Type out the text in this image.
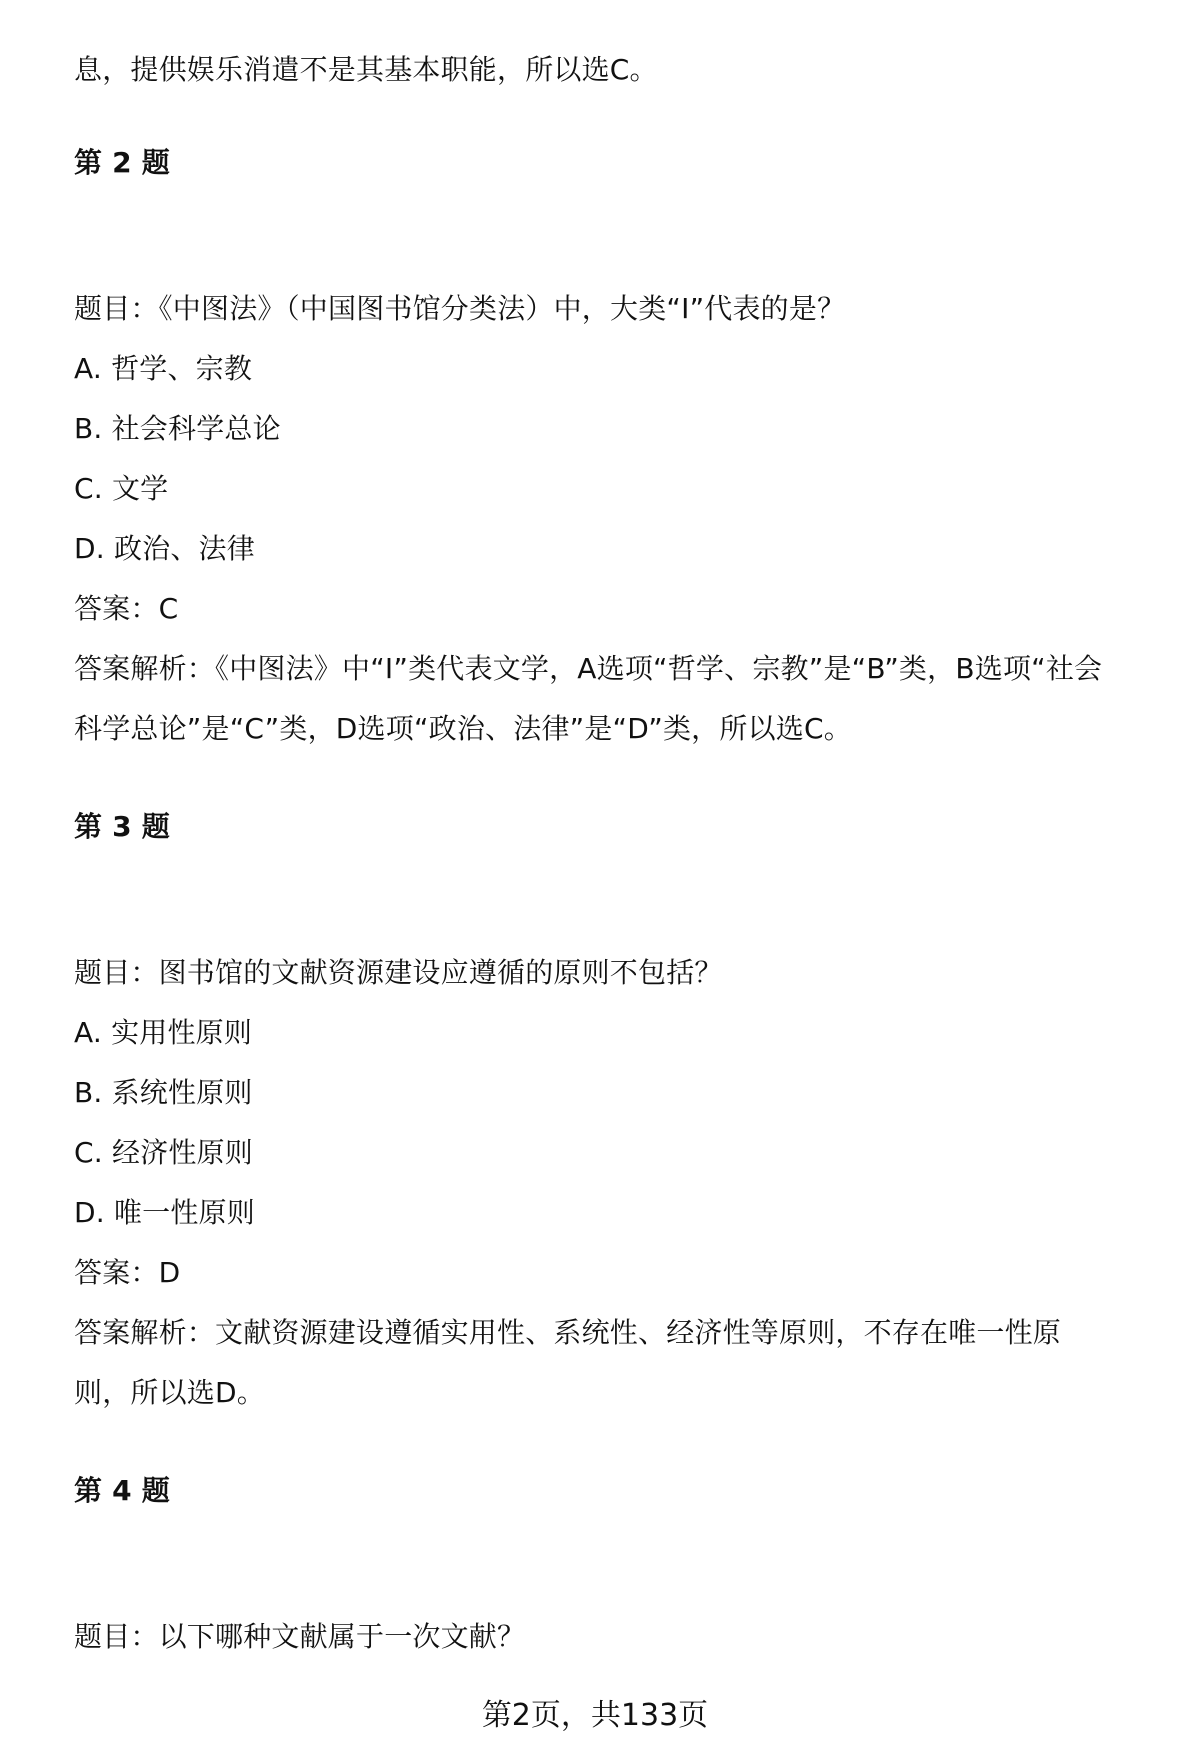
息，提供娱乐消遣不是其基本职能，所以选C。
第 2 题
题目：《中图法》（中国图书馆分类法）中，大类“I”代表的是？
A. 哲学、宗教
B. 社会科学总论
C. 文学
D. 政治、法律
答案：C
答案解析：《中图法》中“I”类代表文学，A选项“哲学、宗教”是“B”类，B选项“社会
科学总论”是“C”类，D选项“政治、法律”是“D”类，所以选C。
第 3 题
题目：图书馆的文献资源建设应遵循的原则不包括？
A. 实用性原则
B. 系统性原则
C. 经济性原则
D. 唯一性原则
答案：D
答案解析：文献资源建设遵循实用性、系统性、经济性等原则，不存在唯一性原
则，所以选D。
第 4 题
题目：以下哪种文献属于一次文献？
第2页，共133页
